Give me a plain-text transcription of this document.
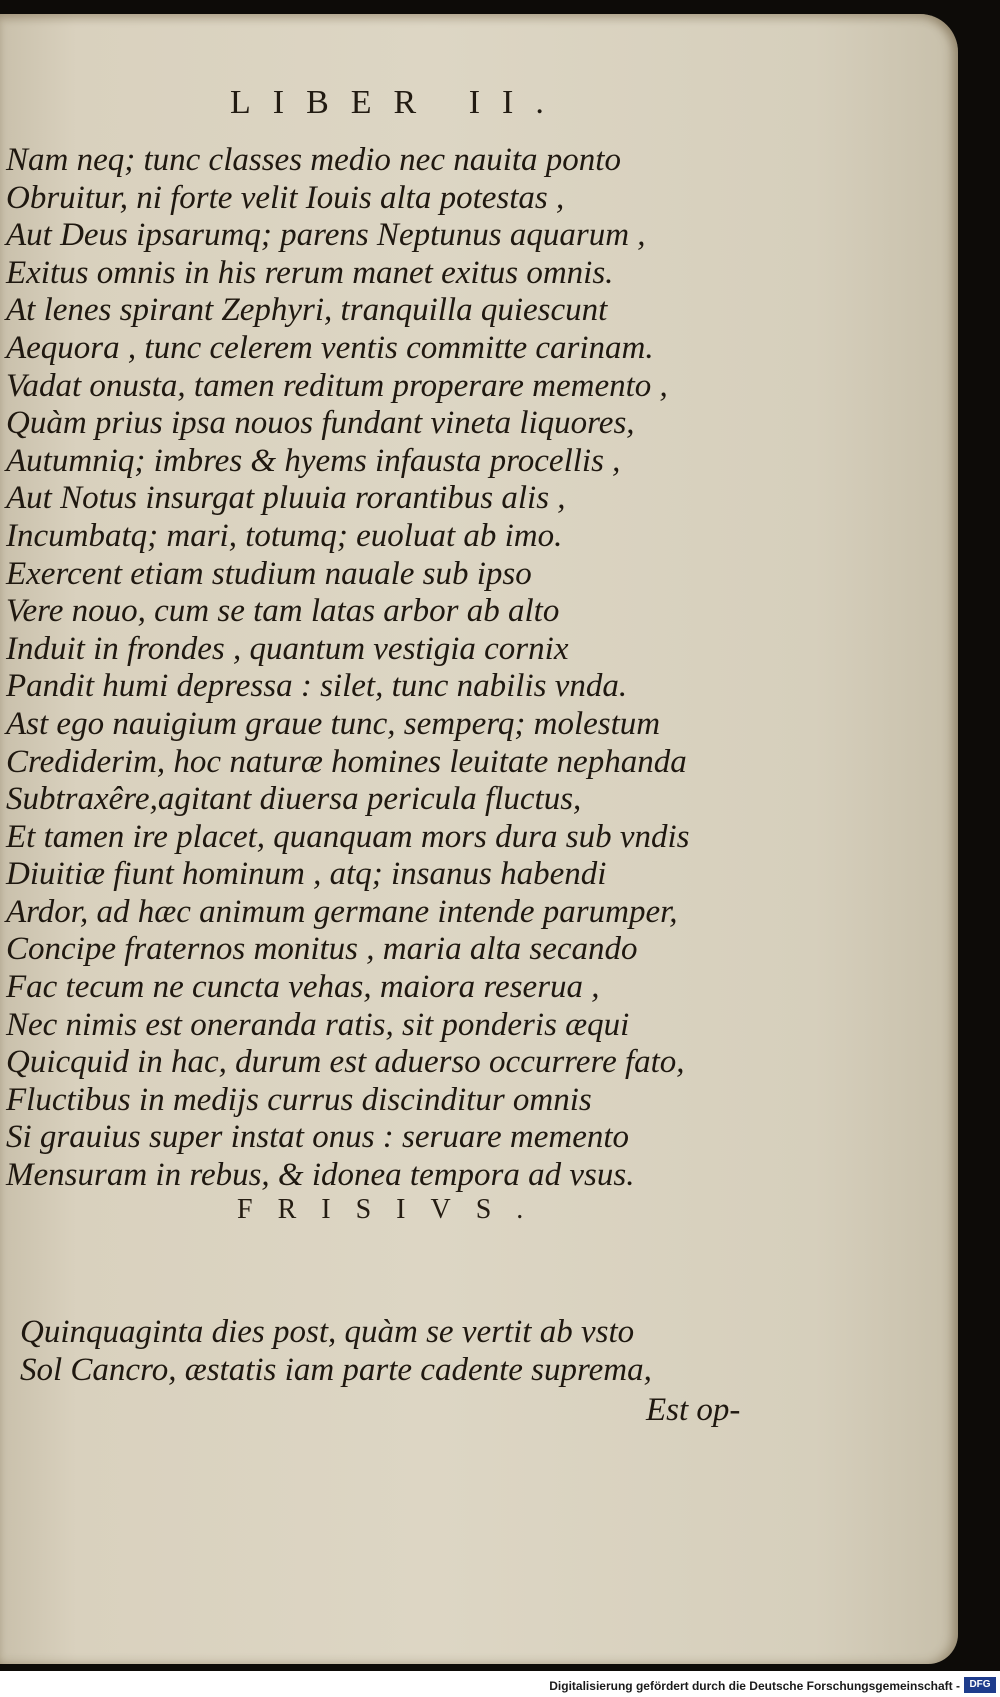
LIBER II.
Nam neq; tunc classes medio nec nauita ponto
Obruitur, ni forte velit Iouis alta potestas ,
Aut Deus ipsarumq; parens Neptunus aquarum ,
Exitus omnis in his rerum manet exitus omnis.
At lenes spirant Zephyri, tranquilla quiescunt
Aequora , tunc celerem ventis committe carinam.
Vadat onusta, tamen reditum properare memento ,
Quàm prius ipsa nouos fundant vineta liquores,
Autumniq; imbres & hyems infausta procellis ,
Aut Notus insurgat pluuia rorantibus alis ,
Incumbatq; mari, totumq; euoluat ab imo.
Exercent etiam studium nauale sub ipso
Vere nouo, cum se tam latas arbor ab alto
Induit in frondes , quantum vestigia cornix
Pandit humi depressa : silet, tunc nabilis vnda.
Ast ego nauigium graue tunc, semperq; molestum
Crediderim, hoc naturæ homines leuitate nephanda
Subtraxêre,agitant diuersa pericula fluctus,
Et tamen ire placet, quanquam mors dura sub vndis
Diuitiæ fiunt hominum , atq; insanus habendi
Ardor, ad hæc animum germane intende parumper,
Concipe fraternos monitus , maria alta secando
Fac tecum ne cuncta vehas, maiora reserua ,
Nec nimis est oneranda ratis, sit ponderis æqui
Quicquid in hac, durum est aduerso occurrere fato,
Fluctibus in medijs currus discinditur omnis
Si grauius super instat onus : seruare memento
Mensuram in rebus, & idonea tempora ad vsus.
FRISIVS.
Quinquaginta dies post, quàm se vertit ab vsto
Sol Cancro, æstatis iam parte cadente suprema,
Est op-
Digitalisierung gefördert durch die Deutsche Forschungsgemeinschaft - DFG
